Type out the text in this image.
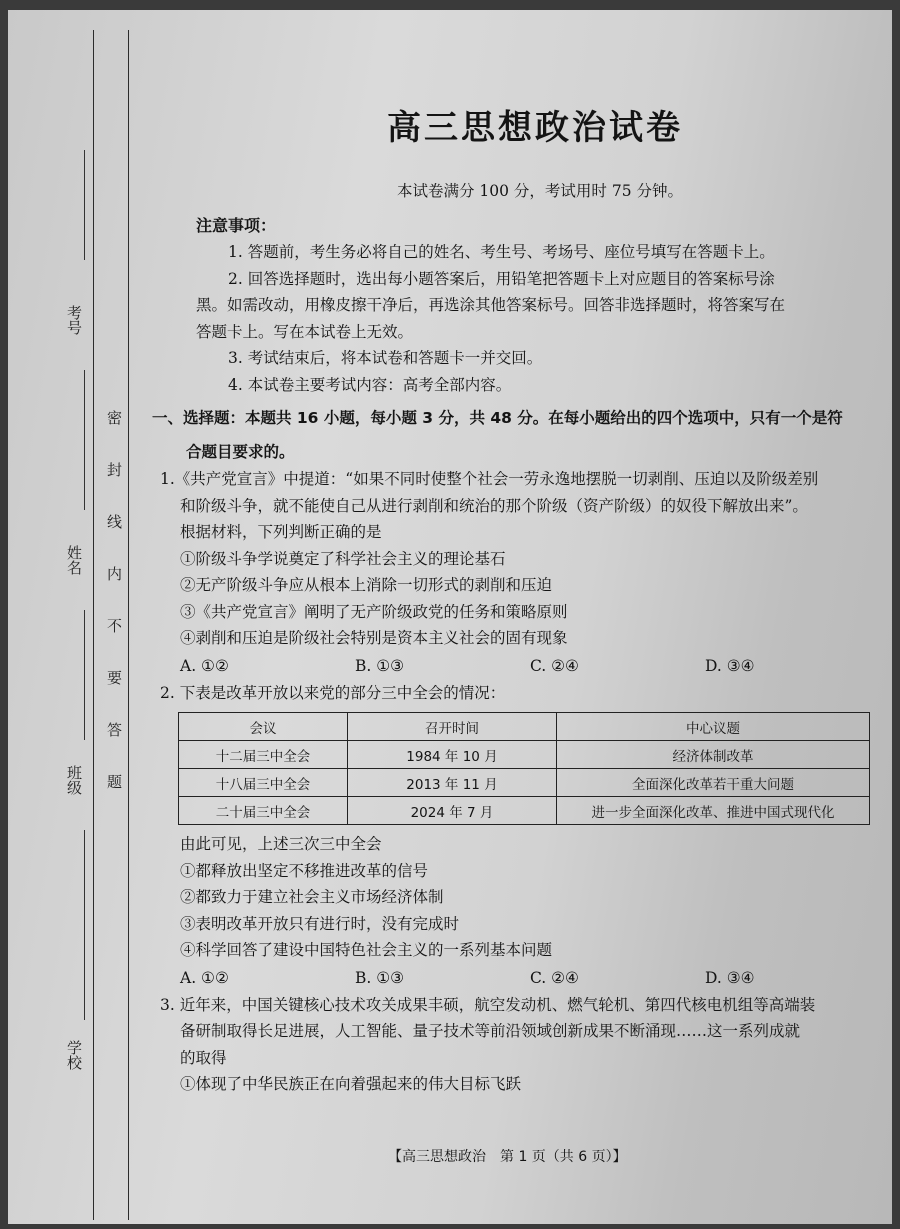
考号
姓名
班级
学校
密封线内不要答题
高三思想政治试卷
本试卷满分 100 分，考试用时 75 分钟。
注意事项：

1. 答题前，考生务必将自己的姓名、考生号、考场号、座位号填写在答题卡上。

2. 回答选择题时，选出每小题答案后，用铅笔把答题卡上对应题目的答案标号涂

黑。如需改动，用橡皮擦干净后，再选涂其他答案标号。回答非选择题时，将答案写在

答题卡上。写在本试卷上无效。

3. 考试结束后，将本试卷和答题卡一并交回。

4. 本试卷主要考试内容：高考全部内容。

一、选择题：本题共 16 小题，每小题 3 分，共 48 分。在每小题给出的四个选项中，只有一个是符
合题目要求的。

1.《共产党宣言》中提道：“如果不同时使整个社会一劳永逸地摆脱一切剥削、压迫以及阶级差别

和阶级斗争，就不能使自己从进行剥削和统治的那个阶级（资产阶级）的奴役下解放出来”。

根据材料，下列判断正确的是

①阶级斗争学说奠定了科学社会主义的理论基石

②无产阶级斗争应从根本上消除一切形式的剥削和压迫

③《共产党宣言》阐明了无产阶级政党的任务和策略原则

④剥削和压迫是阶级社会特别是资本主义社会的固有现象

A. ①②	B. ①③	C. ②④	D. ③④

2. 下表是改革开放以来党的部分三中全会的情况：

会议	召开时间	中心议题
十二届三中全会	1984 年 10 月	经济体制改革
十八届三中全会	2013 年 11 月	全面深化改革若干重大问题
二十届三中全会	2024 年 7 月	进一步全面深化改革、推进中国式现代化

由此可见，上述三次三中全会

①都释放出坚定不移推进改革的信号

②都致力于建立社会主义市场经济体制

③表明改革开放只有进行时，没有完成时

④科学回答了建设中国特色社会主义的一系列基本问题

A. ①②	B. ①③	C. ②④	D. ③④

3. 近年来，中国关键核心技术攻关成果丰硕，航空发动机、燃气轮机、第四代核电机组等高端装

备研制取得长足进展，人工智能、量子技术等前沿领域创新成果不断涌现……这一系列成就

的取得

①体现了中华民族正在向着强起来的伟大目标飞跃

【高三思想政治　第 1 页（共 6 页）】
